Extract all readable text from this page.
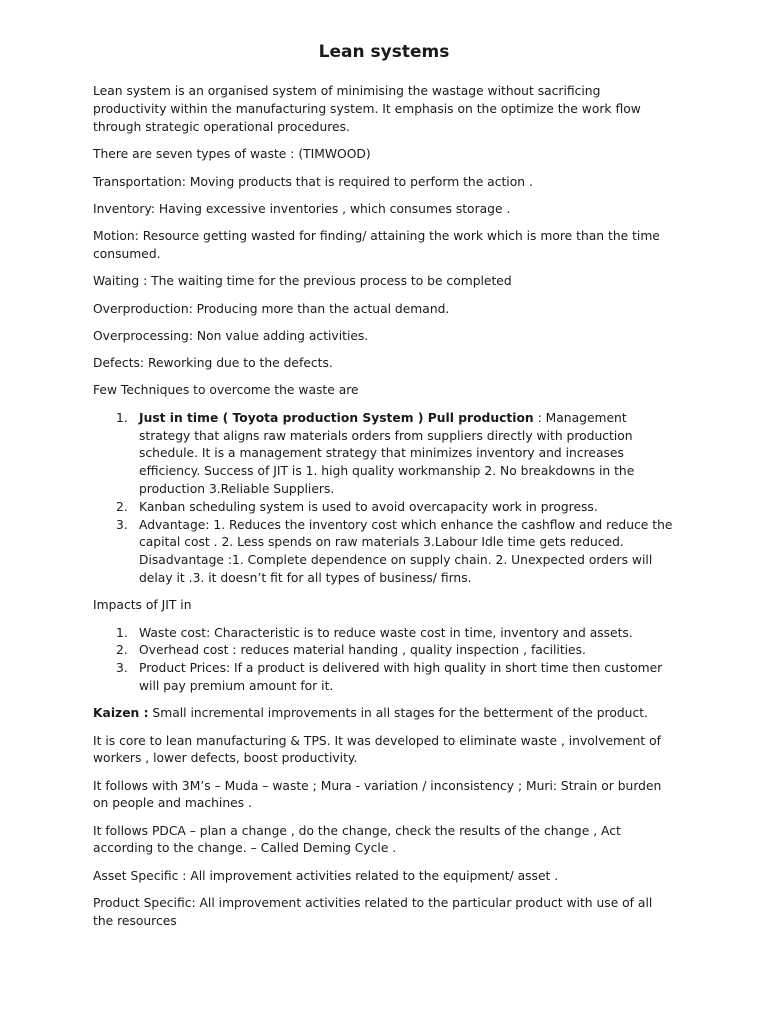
Lean systems

Lean system is an organised system of minimising the wastage without sacrificing productivity within the manufacturing system. It emphasis on the optimize the work flow through strategic operational procedures.

There are seven types of waste : (TIMWOOD)

Transportation: Moving products that is required to perform the action .

Inventory: Having excessive inventories , which consumes storage .

Motion: Resource getting wasted for finding/ attaining the work which is more than the time consumed.

Waiting : The waiting time for the previous process to be completed

Overproduction: Producing more than the actual demand.

Overprocessing: Non value adding activities.

Defects: Reworking due to the defects.

Few Techniques to overcome the waste are

1. Just in time ( Toyota production System ) Pull production : Management strategy that aligns raw materials orders from suppliers directly with production schedule. It is a management strategy that minimizes inventory and increases efficiency. Success of JIT is 1. high quality workmanship 2. No breakdowns in the production 3.Reliable Suppliers.
2. Kanban scheduling system is used to avoid overcapacity work in progress.
3. Advantage: 1. Reduces the inventory cost which enhance the cashflow and reduce the capital cost . 2. Less spends on raw materials 3.Labour Idle time gets reduced. Disadvantage :1. Complete dependence on supply chain. 2. Unexpected orders will delay it .3. it doesn’t fit for all types of business/ firns.

Impacts of JIT in

1. Waste cost: Characteristic is to reduce waste cost in time, inventory and assets.
2. Overhead cost : reduces material handing , quality inspection , facilities.
3. Product Prices: If a product is delivered with high quality in short time then customer will pay premium amount for it.

Kaizen : Small incremental improvements in all stages for the betterment of the product.

It is core to lean manufacturing & TPS. It was developed to eliminate waste , involvement of workers , lower defects, boost productivity.

It follows with 3M’s – Muda – waste ; Mura - variation / inconsistency ; Muri: Strain or burden on people and machines .

It follows PDCA – plan a change , do the change, check the results of the change , Act according to the change. – Called Deming Cycle .

Asset Specific : All improvement activities related to the equipment/ asset .

Product Specific: All improvement activities related to the particular product with use of all the resources
